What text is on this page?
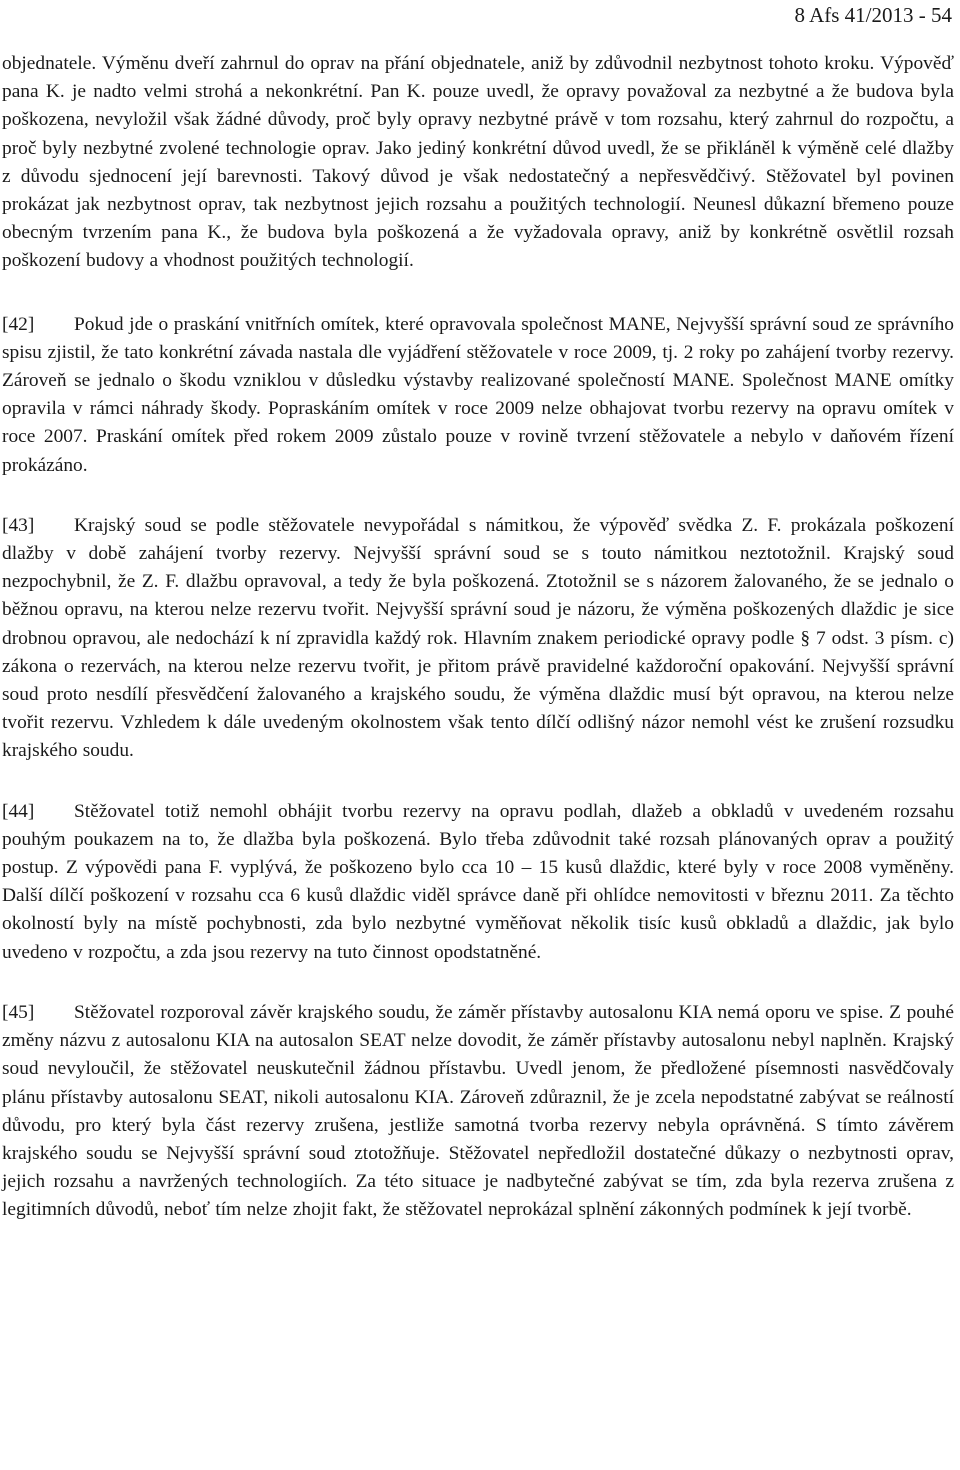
8 Afs 41/2013 - 54

objednatele. Výměnu dveří zahrnul do oprav na přání objednatele, aniž by zdůvodnil nezbytnost tohoto kroku. Výpověď pana K. je nadto velmi strohá a nekonkrétní. Pan K. pouze uvedl, že opravy považoval za nezbytné a že budova byla poškozena, nevyložil však žádné důvody, proč byly opravy nezbytné právě v tom rozsahu, který zahrnul do rozpočtu, a proč byly nezbytné zvolené technologie oprav. Jako jediný konkrétní důvod uvedl, že se přikláněl k výměně celé dlažby z důvodu sjednocení její barevnosti. Takový důvod je však nedostatečný a nepřesvědčivý. Stěžovatel byl povinen prokázat jak nezbytnost oprav, tak nezbytnost jejich rozsahu a použitých technologií. Neunesl důkazní břemeno pouze obecným tvrzením pana K., že budova byla poškozená a že vyžadovala opravy, aniž by konkrétně osvětlil rozsah poškození budovy a vhodnost použitých technologií.

[42] Pokud jde o praskání vnitřních omítek, které opravovala společnost MANE, Nejvyšší správní soud ze správního spisu zjistil, že tato konkrétní závada nastala dle vyjádření stěžovatele v roce 2009, tj. 2 roky po zahájení tvorby rezervy. Zároveň se jednalo o škodu vzniklou v důsledku výstavby realizované společností MANE. Společnost MANE omítky opravila v rámci náhrady škody. Popraskáním omítek v roce 2009 nelze obhajovat tvorbu rezervy na opravu omítek v roce 2007. Praskání omítek před rokem 2009 zůstalo pouze v rovině tvrzení stěžovatele a nebylo v daňovém řízení prokázáno.

[43] Krajský soud se podle stěžovatele nevypořádal s námitkou, že výpověď svědka Z. F. prokázala poškození dlažby v době zahájení tvorby rezervy. Nejvyšší správní soud se s touto námitkou neztotožnil. Krajský soud nezpochybnil, že Z. F. dlažbu opravoval, a tedy že byla poškozená. Ztotožnil se s názorem žalovaného, že se jednalo o běžnou opravu, na kterou nelze rezervu tvořit. Nejvyšší správní soud je názoru, že výměna poškozených dlaždic je sice drobnou opravou, ale nedochází k ní zpravidla každý rok. Hlavním znakem periodické opravy podle § 7 odst. 3 písm. c) zákona o rezervách, na kterou nelze rezervu tvořit, je přitom právě pravidelné každoroční opakování. Nejvyšší správní soud proto nesdílí přesvědčení žalovaného a krajského soudu, že výměna dlaždic musí být opravou, na kterou nelze tvořit rezervu. Vzhledem k dále uvedeným okolnostem však tento dílčí odlišný názor nemohl vést ke zrušení rozsudku krajského soudu.

[44] Stěžovatel totiž nemohl obhájit tvorbu rezervy na opravu podlah, dlažeb a obkladů v uvedeném rozsahu pouhým poukazem na to, že dlažba byla poškozená. Bylo třeba zdůvodnit také rozsah plánovaných oprav a použitý postup. Z výpovědi pana F. vyplývá, že poškozeno bylo cca 10 – 15 kusů dlaždic, které byly v roce 2008 vyměněny. Další dílčí poškození v rozsahu cca 6 kusů dlaždic viděl správce daně při ohlídce nemovitosti v březnu 2011. Za těchto okolností byly na místě pochybnosti, zda bylo nezbytné vyměňovat několik tisíc kusů obkladů a dlaždic, jak bylo uvedeno v rozpočtu, a zda jsou rezervy na tuto činnost opodstatněné.

[45] Stěžovatel rozporoval závěr krajského soudu, že záměr přístavby autosalonu KIA nemá oporu ve spise. Z pouhé změny názvu z autosalonu KIA na autosalon SEAT nelze dovodit, že záměr přístavby autosalonu nebyl naplněn. Krajský soud nevyloučil, že stěžovatel neuskutečnil žádnou přístavbu. Uvedl jenom, že předložené písemnosti nasvědčovaly plánu přístavby autosalonu SEAT, nikoli autosalonu KIA. Zároveň zdůraznil, že je zcela nepodstatné zabývat se reálností důvodu, pro který byla část rezervy zrušena, jestliže samotná tvorba rezervy nebyla oprávněná. S tímto závěrem krajského soudu se Nejvyšší správní soud ztotožňuje. Stěžovatel nepředložil dostatečné důkazy o nezbytnosti oprav, jejich rozsahu a navržených technologiích. Za této situace je nadbytečné zabývat se tím, zda byla rezerva zrušena z legitimních důvodů, neboť tím nelze zhojit fakt, že stěžovatel neprokázal splnění zákonných podmínek k její tvorbě.
